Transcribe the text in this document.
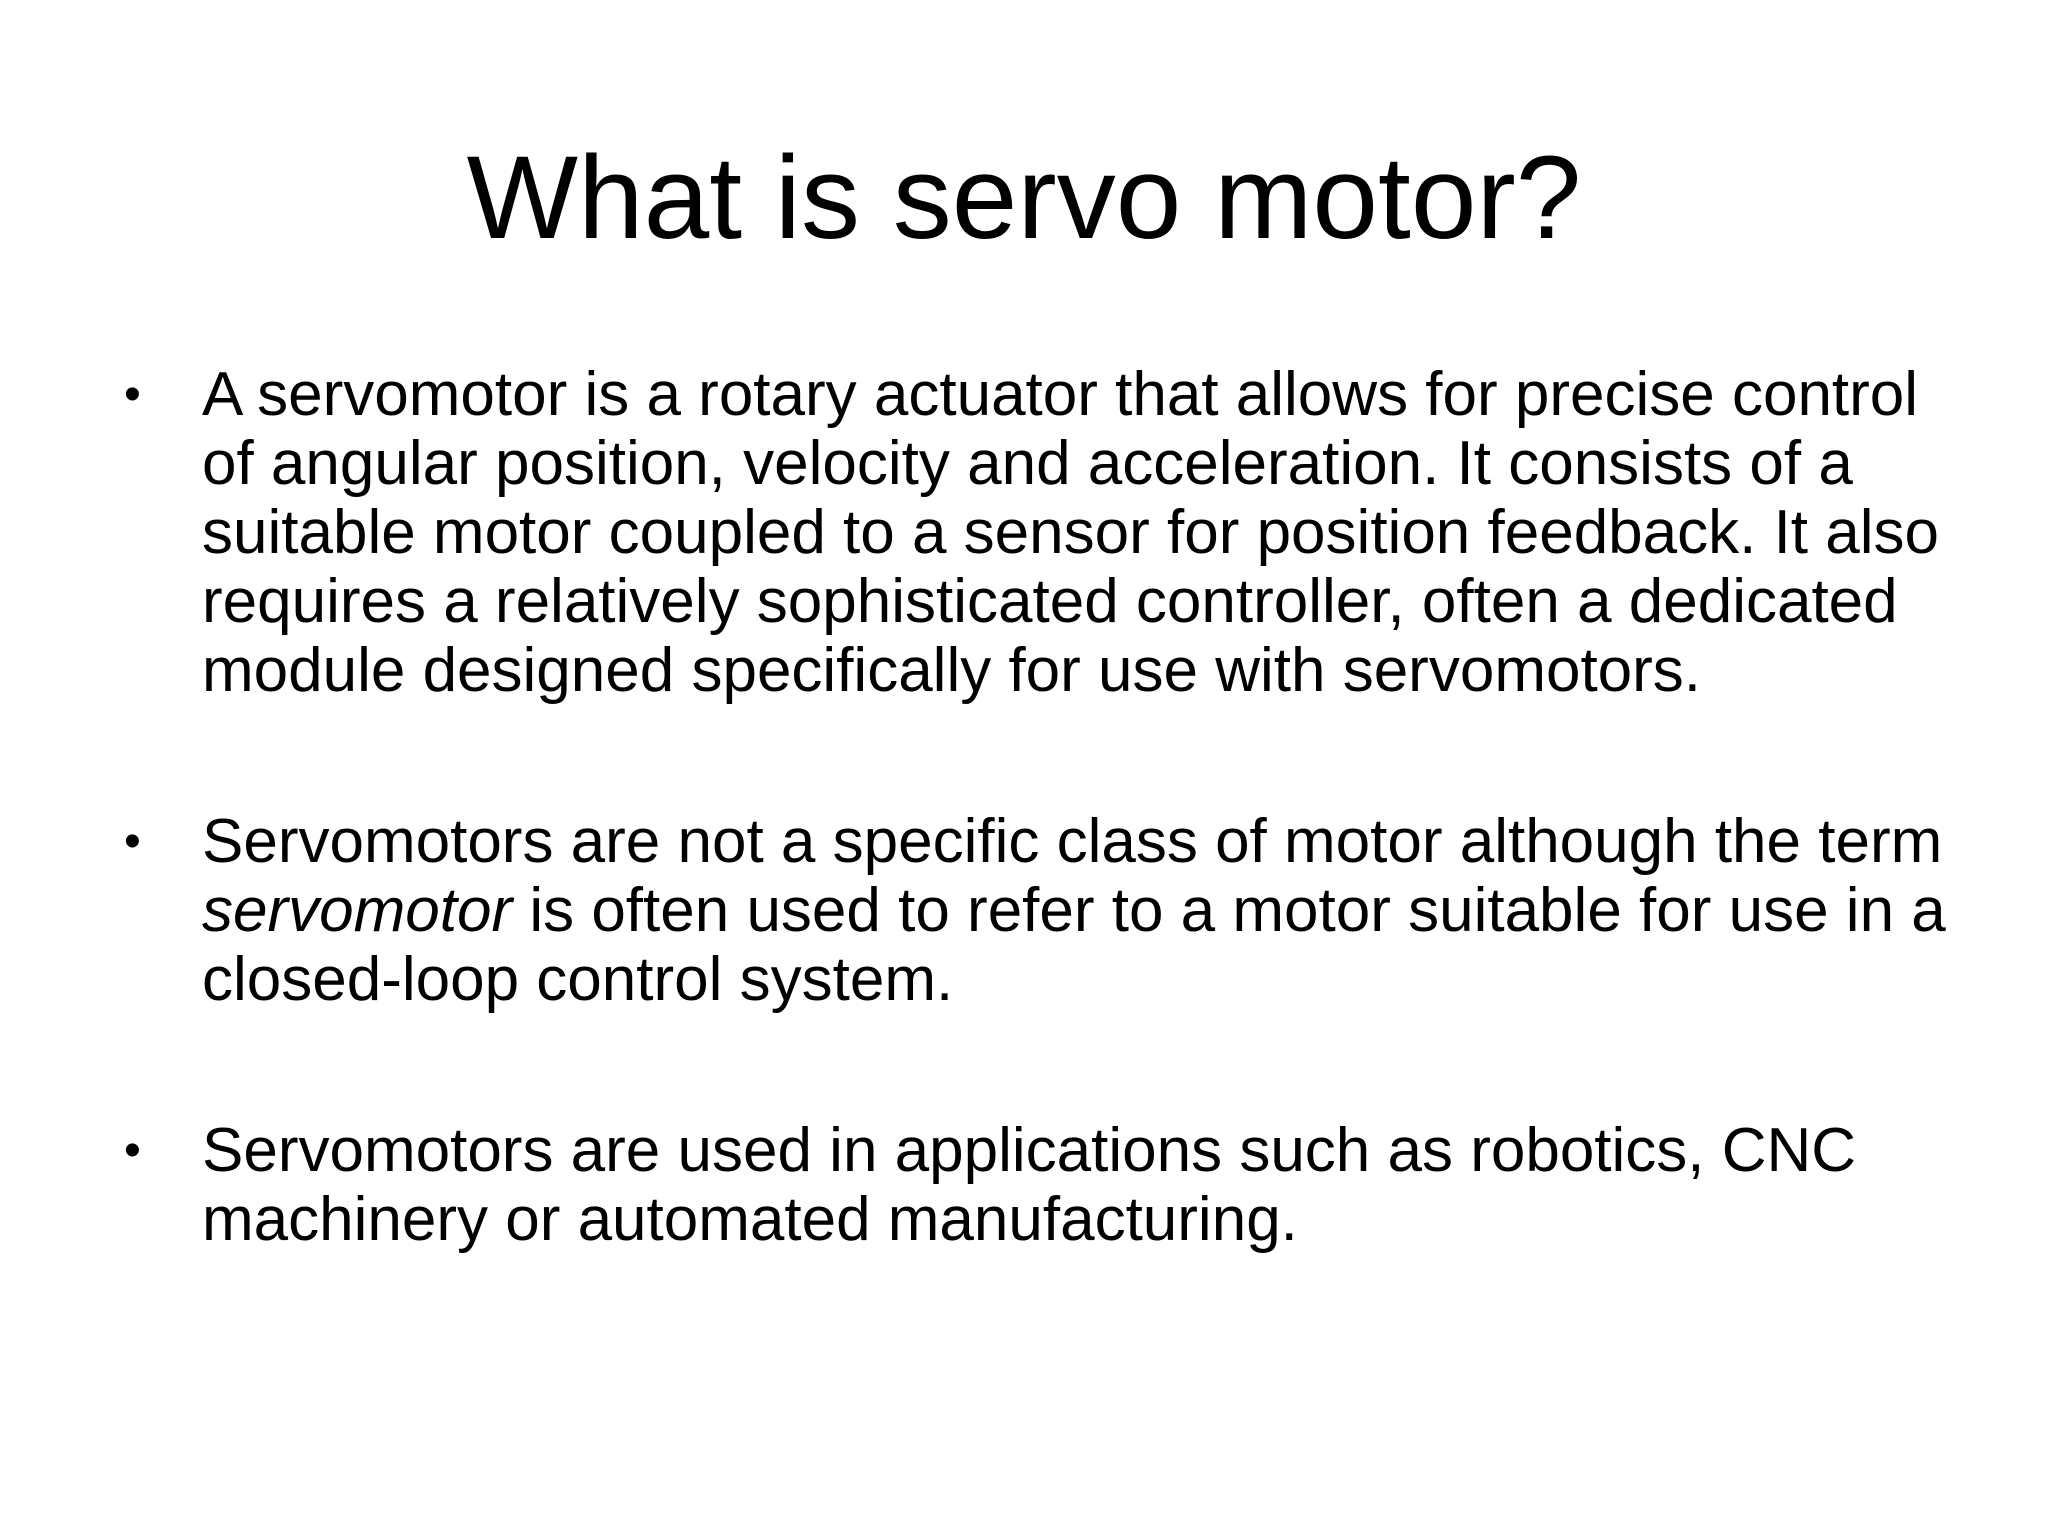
What is servo motor?
• A servomotor is a rotary actuator that allows for precise control of angular position, velocity and acceleration. It consists of a suitable motor coupled to a sensor for position feedback. It also requires a relatively sophisticated controller, often a dedicated module designed specifically for use with servomotors.
• Servomotors are not a specific class of motor although the term servomotor is often used to refer to a motor suitable for use in a closed-loop control system.
• Servomotors are used in applications such as robotics, CNC machinery or automated manufacturing.
